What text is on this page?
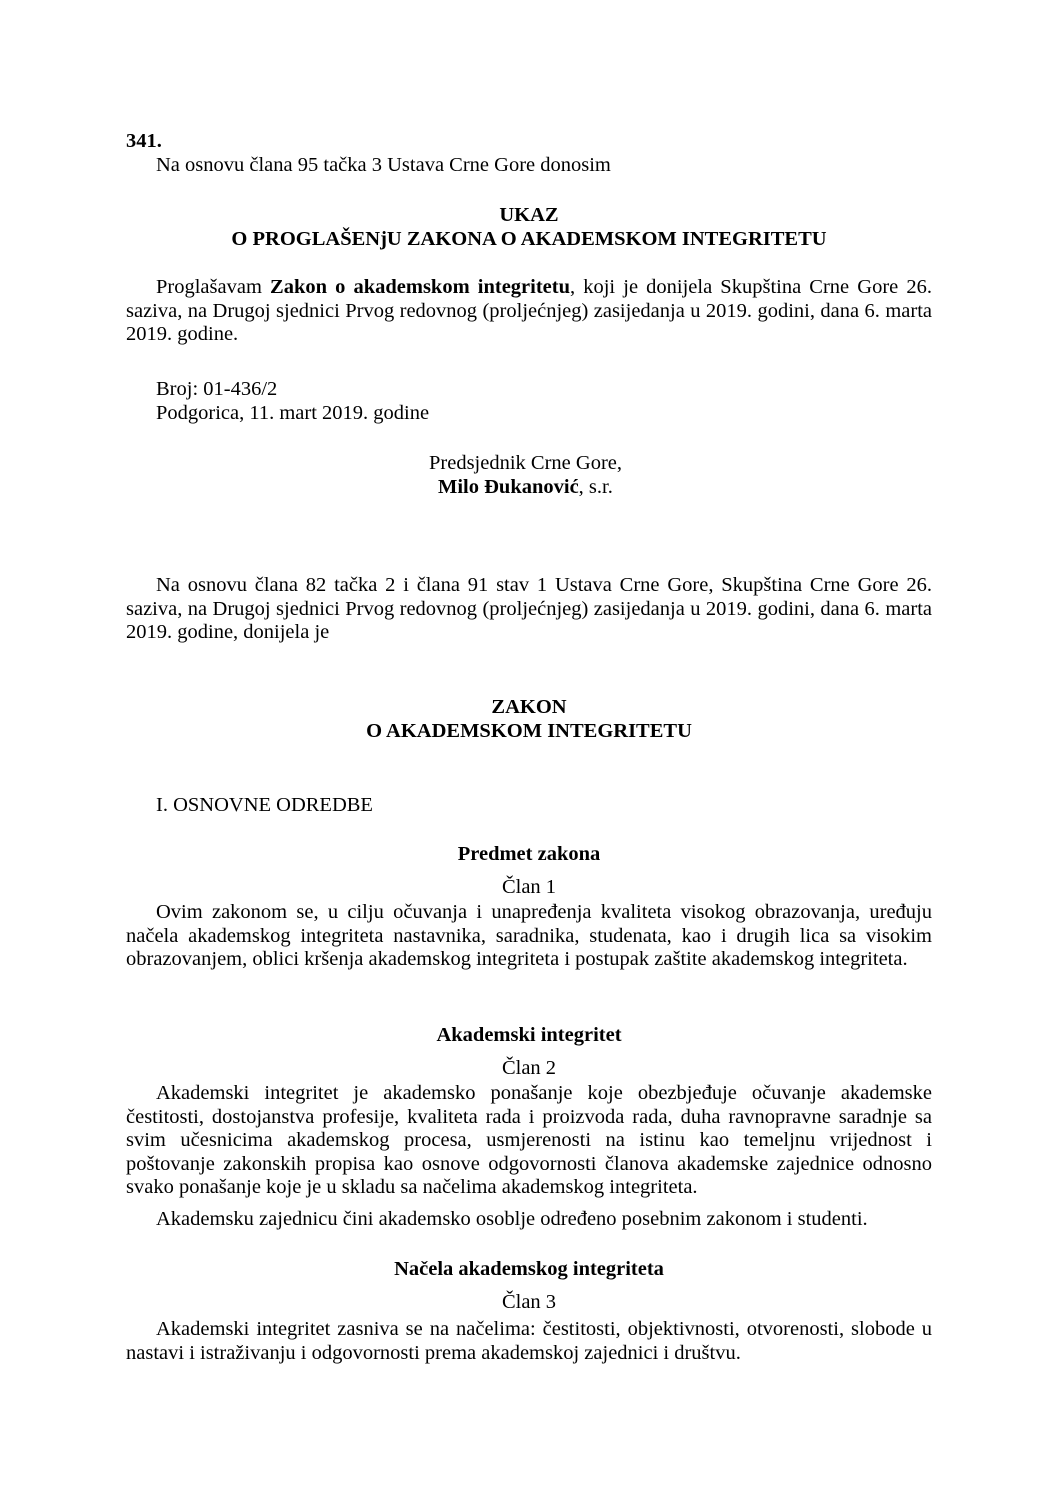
341.
Na osnovu člana 95 tačka 3 Ustava Crne Gore donosim
UKAZ
O PROGLAŠENjU ZAKONA O AKADEMSKOM INTEGRITETU
Proglašavam Zakon o akademskom integritetu, koji je donijela Skupština Crne Gore 26. saziva, na Drugoj sjednici Prvog redovnog (proljećnjeg) zasijedanja u 2019. godini, dana 6. marta 2019. godine.
Broj: 01-436/2
Podgorica, 11. mart 2019. godine
Predsjednik Crne Gore,
Milo Đukanović, s.r.
Na osnovu člana 82 tačka 2 i člana 91 stav 1 Ustava Crne Gore, Skupština Crne Gore 26. saziva, na Drugoj sjednici Prvog redovnog (proljećnjeg) zasijedanja u 2019. godini, dana 6. marta 2019. godine, donijela je
ZAKON
O AKADEMSKOM INTEGRITETU
I. OSNOVNE ODREDBE
Predmet zakona
Član 1
Ovim zakonom se, u cilju očuvanja i unapređenja kvaliteta visokog obrazovanja, uređuju načela akademskog integriteta nastavnika, saradnika, studenata, kao i drugih lica sa visokim obrazovanjem, oblici kršenja akademskog integriteta i postupak zaštite akademskog integriteta.
Akademski integritet
Član 2
Akademski integritet je akademsko ponašanje koje obezbjeđuje očuvanje akademske čestitosti, dostojanstva profesije, kvaliteta rada i proizvoda rada, duha ravnopravne saradnje sa svim učesnicima akademskog procesa, usmjerenosti na istinu kao temeljnu vrijednost i poštovanje zakonskih propisa kao osnove odgovornosti članova akademske zajednice odnosno svako ponašanje koje je u skladu sa načelima akademskog integriteta.
Akademsku zajednicu čini akademsko osoblje određeno posebnim zakonom i studenti.
Načela akademskog integriteta
Član 3
Akademski integritet zasniva se na načelima: čestitosti, objektivnosti, otvorenosti, slobode u nastavi i istraživanju i odgovornosti prema akademskoj zajednici i društvu.
